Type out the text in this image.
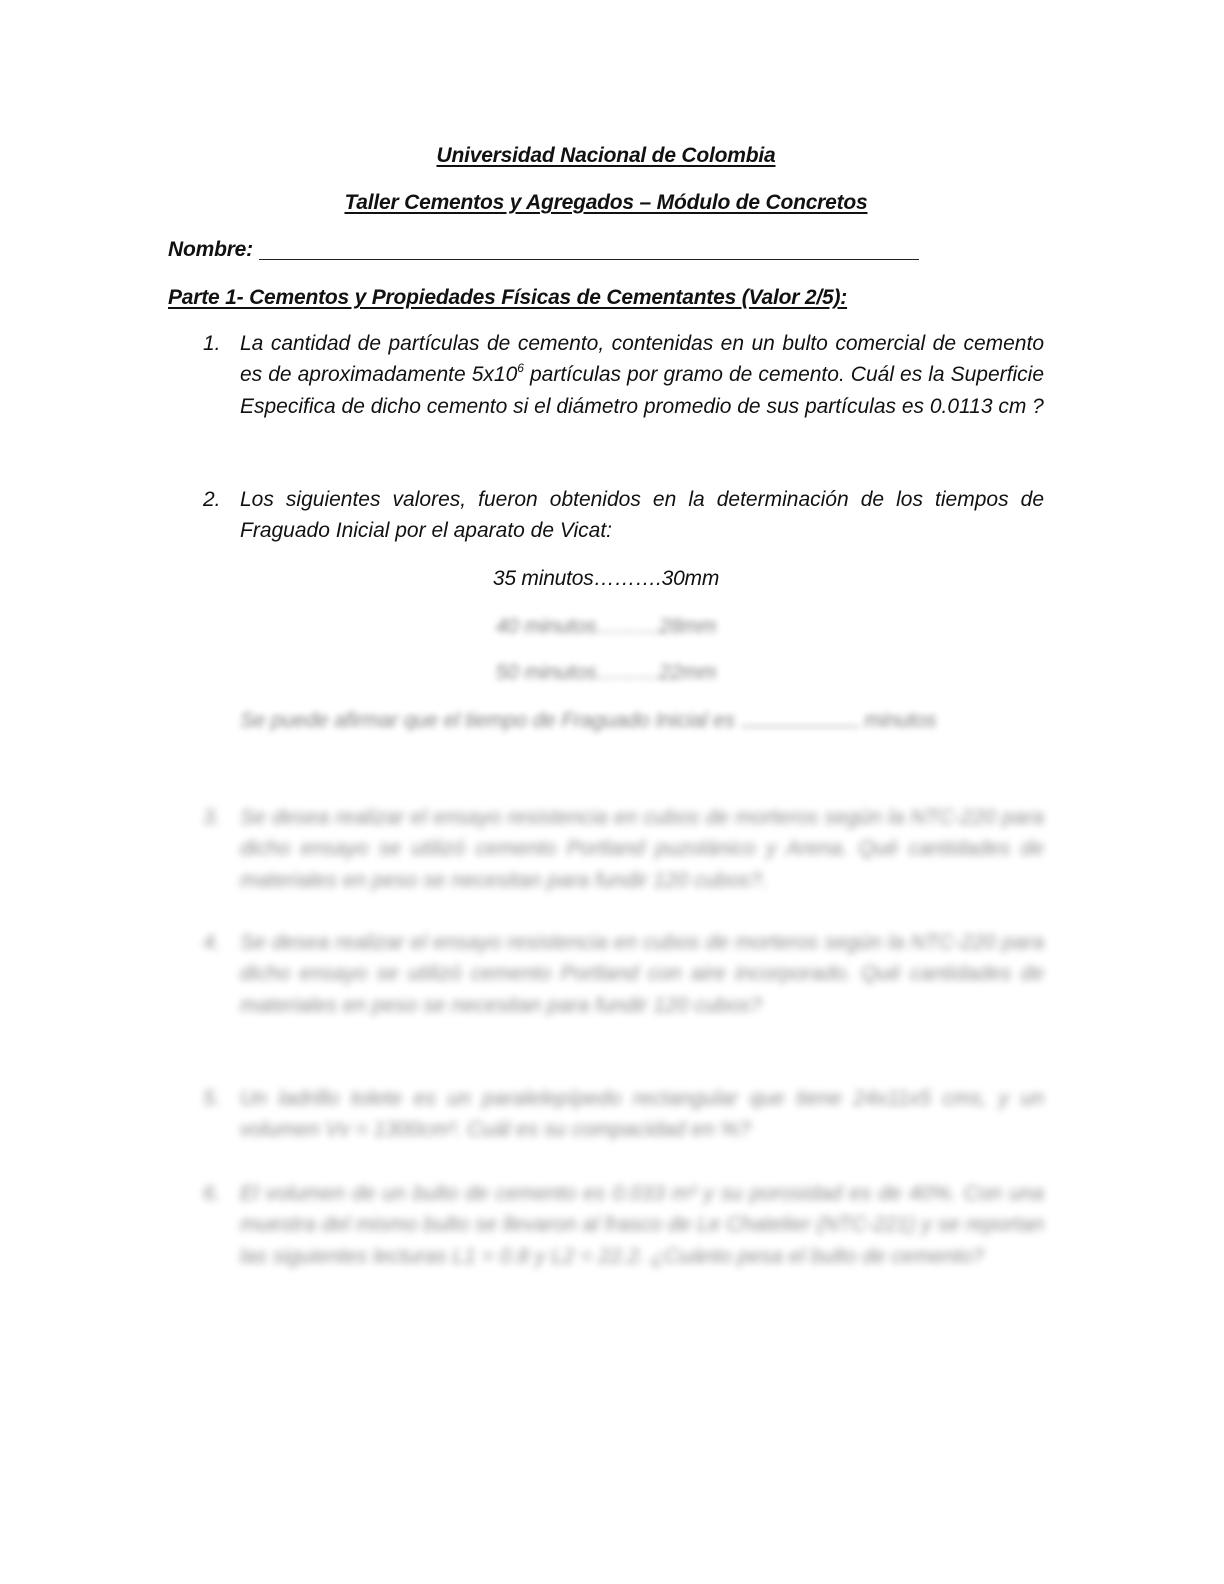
Universidad Nacional de Colombia
Taller Cementos y Agregados – Módulo de Concretos
Nombre:
Parte 1- Cementos y Propiedades Físicas de Cementantes (Valor 2/5):
1. La cantidad de partículas de cemento, contenidas en un bulto comercial de cemento es de aproximadamente $5x10^6$ partículas por gramo de cemento. Cuál es la Superficie Especifica de dicho cemento si el diámetro promedio de sus partículas es 0.0113 cm ?
2. Los siguientes valores, fueron obtenidos en la determinación de los tiempos de Fraguado Inicial por el aparato de Vicat:
35 minutos……….30mm
40 minutos………28mm
50 minutos………22mm
Se puede afirmar que el tiempo de Fraguado Inicial es	minutos
3. Se desea realizar el ensayo resistencia en cubos de morteros según la NTC-220 para dicho ensayo se utilizó cemento Portland puzolánico y Arena. Qué cantidades de materiales en peso se necesitan para fundir 120 cubos?.
4. Se desea realizar el ensayo resistencia en cubos de morteros según la NTC-220 para dicho ensayo se utilizó cemento Portland con aire incorporado. Qué cantidades de materiales en peso se necesitan para fundir 120 cubos?
5. Un ladrillo tolete es un paralelepípedo rectangular que tiene 24x11x5 cms, y un volumen Vv = 1300cm³. Cuál es su compacidad en %?
6. El volumen de un bulto de cemento es 0.033 m³ y su porosidad es de 40%. Con una muestra del mismo bulto se llevaron al frasco de Le Chatelier (NTC-221) y se reportan las siguientes lecturas L1 = 0.8 y L2 = 22.2. ¿Cuánto pesa el bulto de cemento?
